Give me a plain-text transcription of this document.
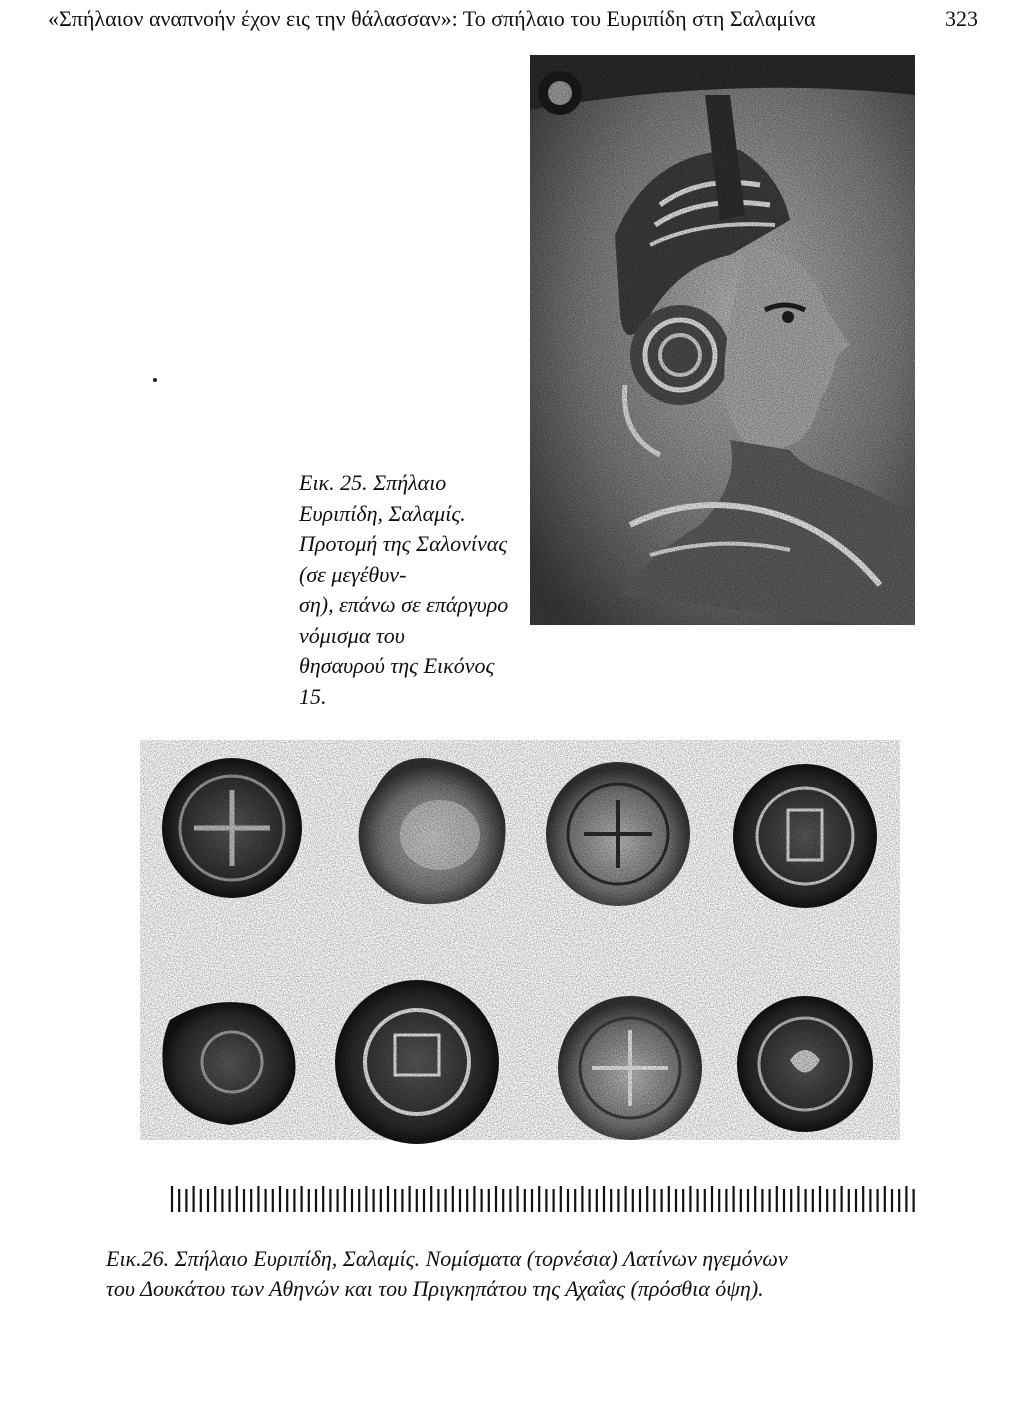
«Σπήλαιον αναπνοήν έχον εις την θάλασσαν»: Το σπήλαιο του Ευριπίδη στη Σαλαμίνα	323

Εικ. 25. Σπήλαιο Ευριπίδη, Σαλαμίς.
Προτομή της Σαλονίνας (σε μεγέθυν-
ση), επάνω σε επάργυρο νόμισμα του
θησαυρού της Εικόνος 15.

Εικ.26. Σπήλαιο Ευριπίδη, Σαλαμίς. Νομίσματα (τορνέσια) Λατίνων ηγεμόνων
του Δουκάτου των Αθηνών και του Πριγκηπάτου της Αχαΐας (πρόσθια όψη).
